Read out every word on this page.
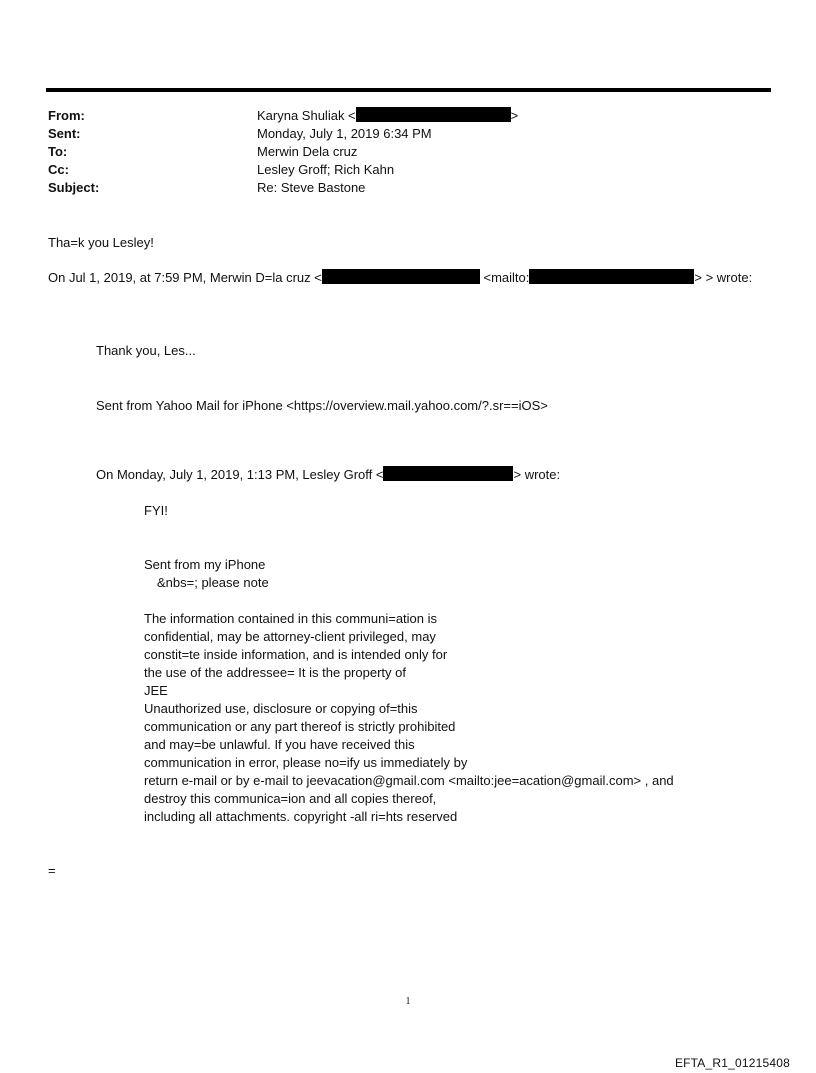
From:	Karyna Shuliak <	>
Sent:	Monday, July 1, 2019 6:34 PM
To:	Merwin Dela cruz
Cc:	Lesley Groff; Rich Kahn
Subject:	Re: Steve Bastone
Tha=k you Lesley!
On Jul 1, 2019, at 7:59 PM, Merwin D=la cruz <	<mailto:	> > wrote:
Thank you, Les...
Sent from Yahoo Mail for iPhone <https://overview.mail.yahoo.com/?.sr==iOS>
On Monday, July 1, 2019, 1:13 PM, Lesley Groff <	> wrote:
FYI!
Sent from my iPhone
&nbs=; please note
The information contained in this communi=ation is
confidential, may be attorney-client privileged, may
constit=te inside information, and is intended only for
the use of the addressee= It is the property of
JEE
Unauthorized use, disclosure or copying of=this
communication or any part thereof is strictly prohibited
and may=be unlawful. If you have received this
communication in error, please no=ify us immediately by
return e-mail or by e-mail to jeevacation@gmail.com <mailto:jee=acation@gmail.com> , and
destroy this communica=ion and all copies thereof,
including all attachments. copyright -all ri=hts reserved
=
1
EFTA_R1_01215408
